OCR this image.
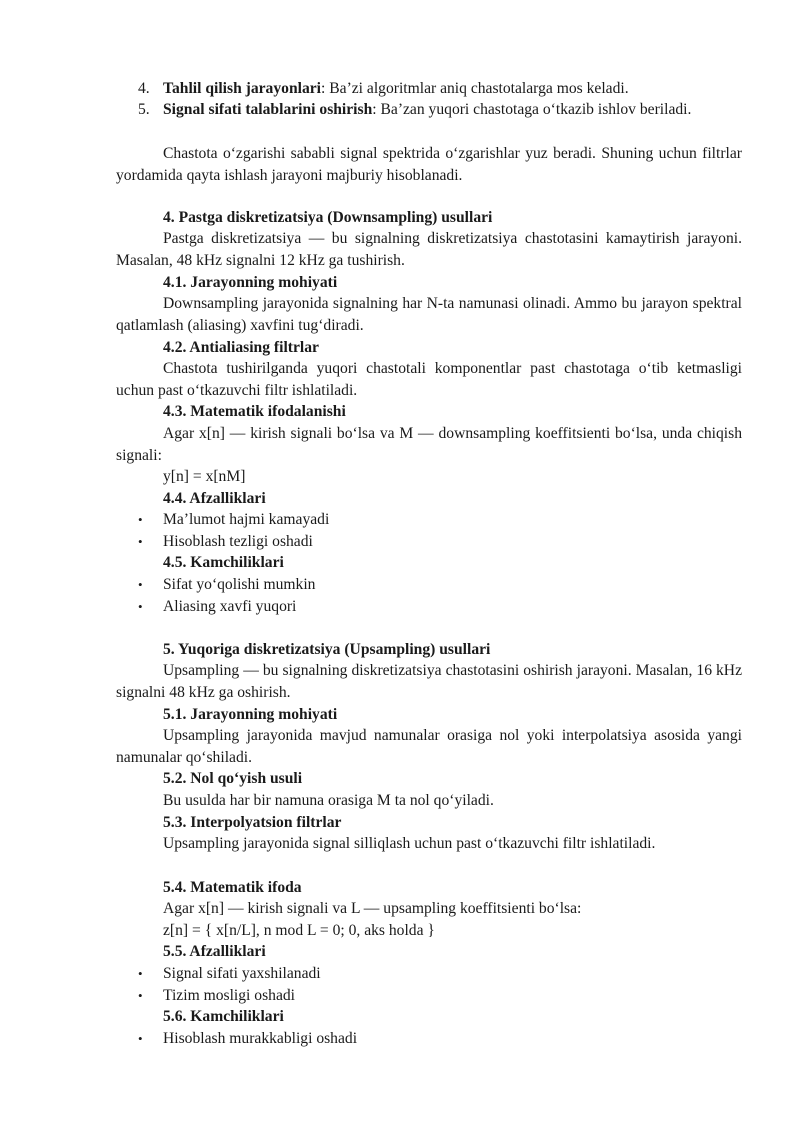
4. Tahlil qilish jarayonlari: Ba’zi algoritmlar aniq chastotalarga mos keladi.
5. Signal sifati talablarini oshirish: Ba’zan yuqori chastotaga o‘tkazib ishlov beriladi.
Chastota o‘zgarishi sababli signal spektrida o‘zgarishlar yuz beradi. Shuning uchun filtrlar yordamida qayta ishlash jarayoni majburiy hisoblanadi.
4. Pastga diskretizatsiya (Downsampling) usullari
Pastga diskretizatsiya — bu signalning diskretizatsiya chastotasini kamaytirish jarayoni. Masalan, 48 kHz signalni 12 kHz ga tushirish.
4.1. Jarayonning mohiyati
Downsampling jarayonida signalning har N-ta namunasi olinadi. Ammo bu jarayon spektral qatlamlash (aliasing) xavfini tug‘diradi.
4.2. Antialiasing filtrlar
Chastota tushirilganda yuqori chastotali komponentlar past chastotaga o‘tib ketmasligi uchun past o‘tkazuvchi filtr ishlatiladi.
4.3. Matematik ifodalanishi
Agar x[n] — kirish signali bo‘lsa va M — downsampling koeffitsienti bo‘lsa, unda chiqish signali:
y[n] = x[nM]
4.4. Afzalliklari
• Ma’lumot hajmi kamayadi
• Hisoblash tezligi oshadi
4.5. Kamchiliklari
• Sifat yo‘qolishi mumkin
• Aliasing xavfi yuqori
5. Yuqoriga diskretizatsiya (Upsampling) usullari
Upsampling — bu signalning diskretizatsiya chastotasini oshirish jarayoni. Masalan, 16 kHz signalni 48 kHz ga oshirish.
5.1. Jarayonning mohiyati
Upsampling jarayonida mavjud namunalar orasiga nol yoki interpolatsiya asosida yangi namunalar qo‘shiladi.
5.2. Nol qo‘yish usuli
Bu usulda har bir namuna orasiga M ta nol qo‘yiladi.
5.3. Interpolyatsion filtrlar
Upsampling jarayonida signal silliqlash uchun past o‘tkazuvchi filtr ishlatiladi.
5.4. Matematik ifoda
Agar x[n] — kirish signali va L — upsampling koeffitsienti bo‘lsa:
z[n] = { x[n/L], n mod L = 0; 0, aks holda }
5.5. Afzalliklari
• Signal sifati yaxshilanadi
• Tizim mosligi oshadi
5.6. Kamchiliklari
• Hisoblash murakkabligi oshadi
